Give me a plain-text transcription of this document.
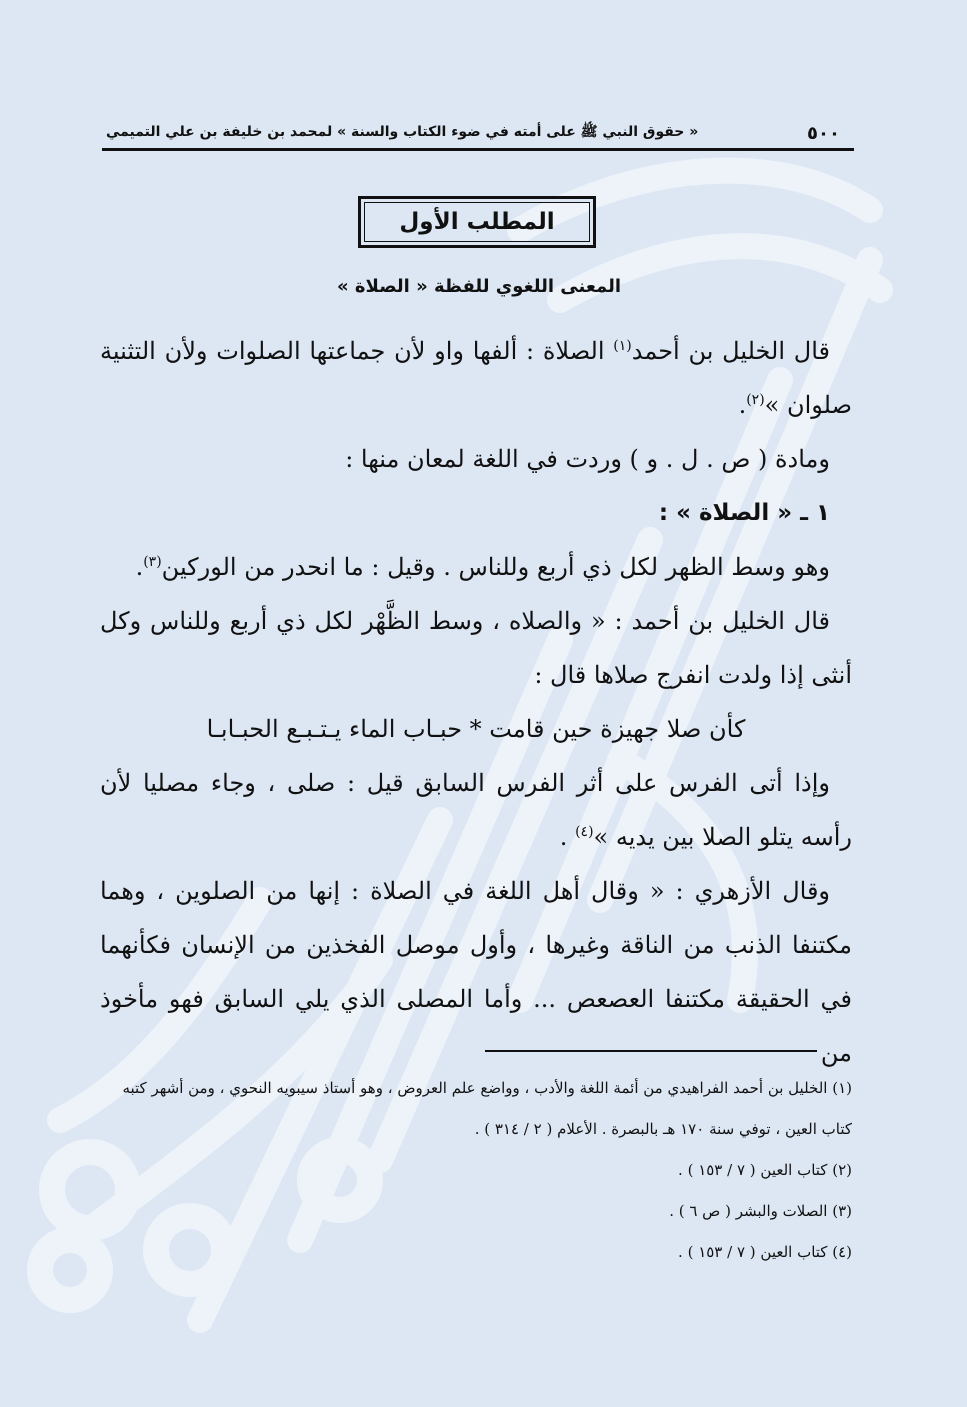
٥٠٠
« حقوق النبي ﷺ على أمته في ضوء الكتاب والسنة » لمحمد بن خليفة بن علي التميمي
المطلب الأول
المعنى اللغوي للفظة « الصلاة »

قال الخليل بن أحمد$^{(١)}$ الصلاة : ألفها واو لأن جماعتها الصلوات ولأن التثنية صلوان »$^{(٢)}$.

ومادة ( ص . ل . و ) وردت في اللغة لمعان منها :

١ ـ « الصلاة » :

وهو وسط الظهر لكل ذي أربع وللناس . وقيل : ما انحدر من الوركين$^{(٣)}$.

قال الخليل بن أحمد : « والصلاه ، وسط الظَّهْر لكل ذي أربع وللناس وكل أنثى إذا ولدت انفرج صلاها قال :

كأن صلا جهيزة حين قامت * حبـاب الماء يـتـبـع الحبـابـا

وإذا أتى الفرس على أثر الفرس السابق قيل : صلى ، وجاء مصليا لأن رأسه يتلو الصلا بين يديه »$^{(٤)}$ .

وقال الأزهري : « وقال أهل اللغة في الصلاة : إنها من الصلوين ، وهما مكتنفا الذنب من الناقة وغيرها ، وأول موصل الفخذين من الإنسان فكأنهما في الحقيقة مكتنفا العصعص ... وأما المصلى الذي يلي السابق فهو مأخوذ من

(١) الخليل بن أحمد الفراهيدي من أئمة اللغة والأدب ، وواضع علم العروض ، وهو أستاذ سيبويه النحوي ، ومن أشهر كتبه كتاب العين ، توفي سنة ١٧٠ هـ بالبصرة . الأعلام ( ٢ / ٣١٤ ) .

(٢) كتاب العين ( ٧ / ١٥٣ ) .

(٣) الصلات والبشر ( ص ٦ ) .

(٤) كتاب العين ( ٧ / ١٥٣ ) .
